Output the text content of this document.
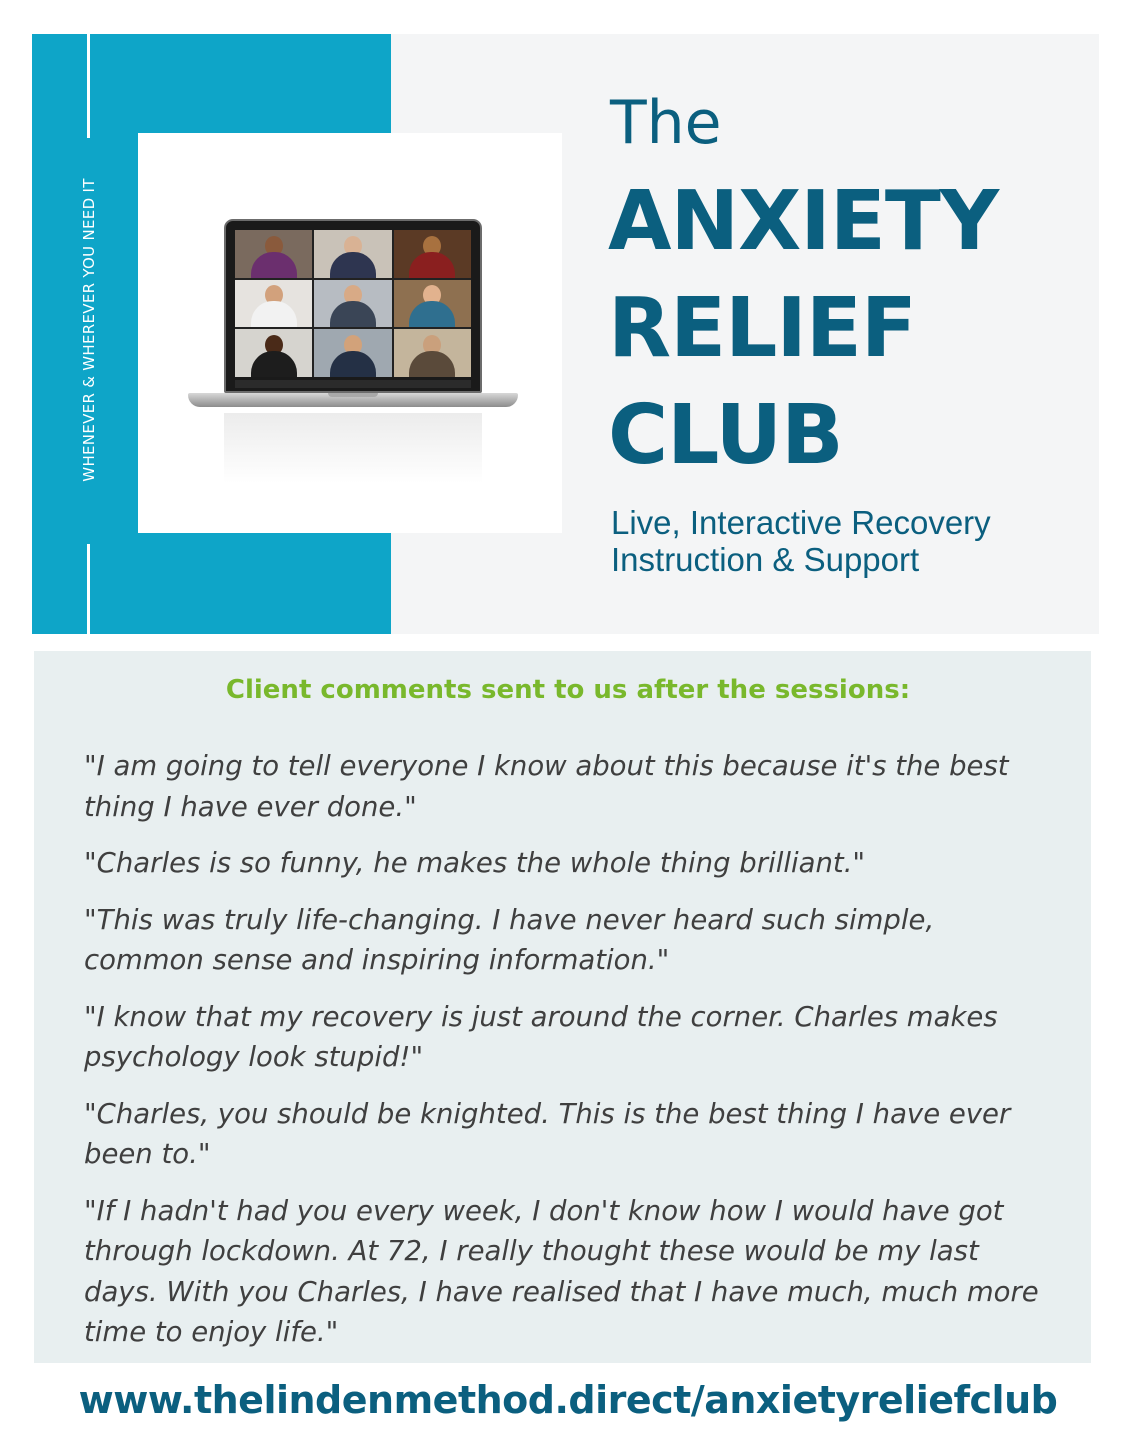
WHENEVER & WHEREVER YOU NEED IT
The
ANXIETY
RELIEF
CLUB
Live, Interactive Recovery
Instruction & Support
Client comments sent to us after the sessions:
"I am going to tell everyone I know about this because it's the best thing I have ever done."
"Charles is so funny, he makes the whole thing brilliant."
"This was truly life-changing. I have never heard such simple, common sense and inspiring information."
"I know that my recovery is just around the corner. Charles makes psychology look stupid!"
"Charles, you should be knighted. This is the best thing I have ever been to."
"If I hadn't had you every week, I don't know how I would have got through lockdown. At 72, I really thought these would be my last days. With you Charles, I have realised that I have much, much more time to enjoy life."
www.thelindenmethod.direct/anxietyreliefclub
